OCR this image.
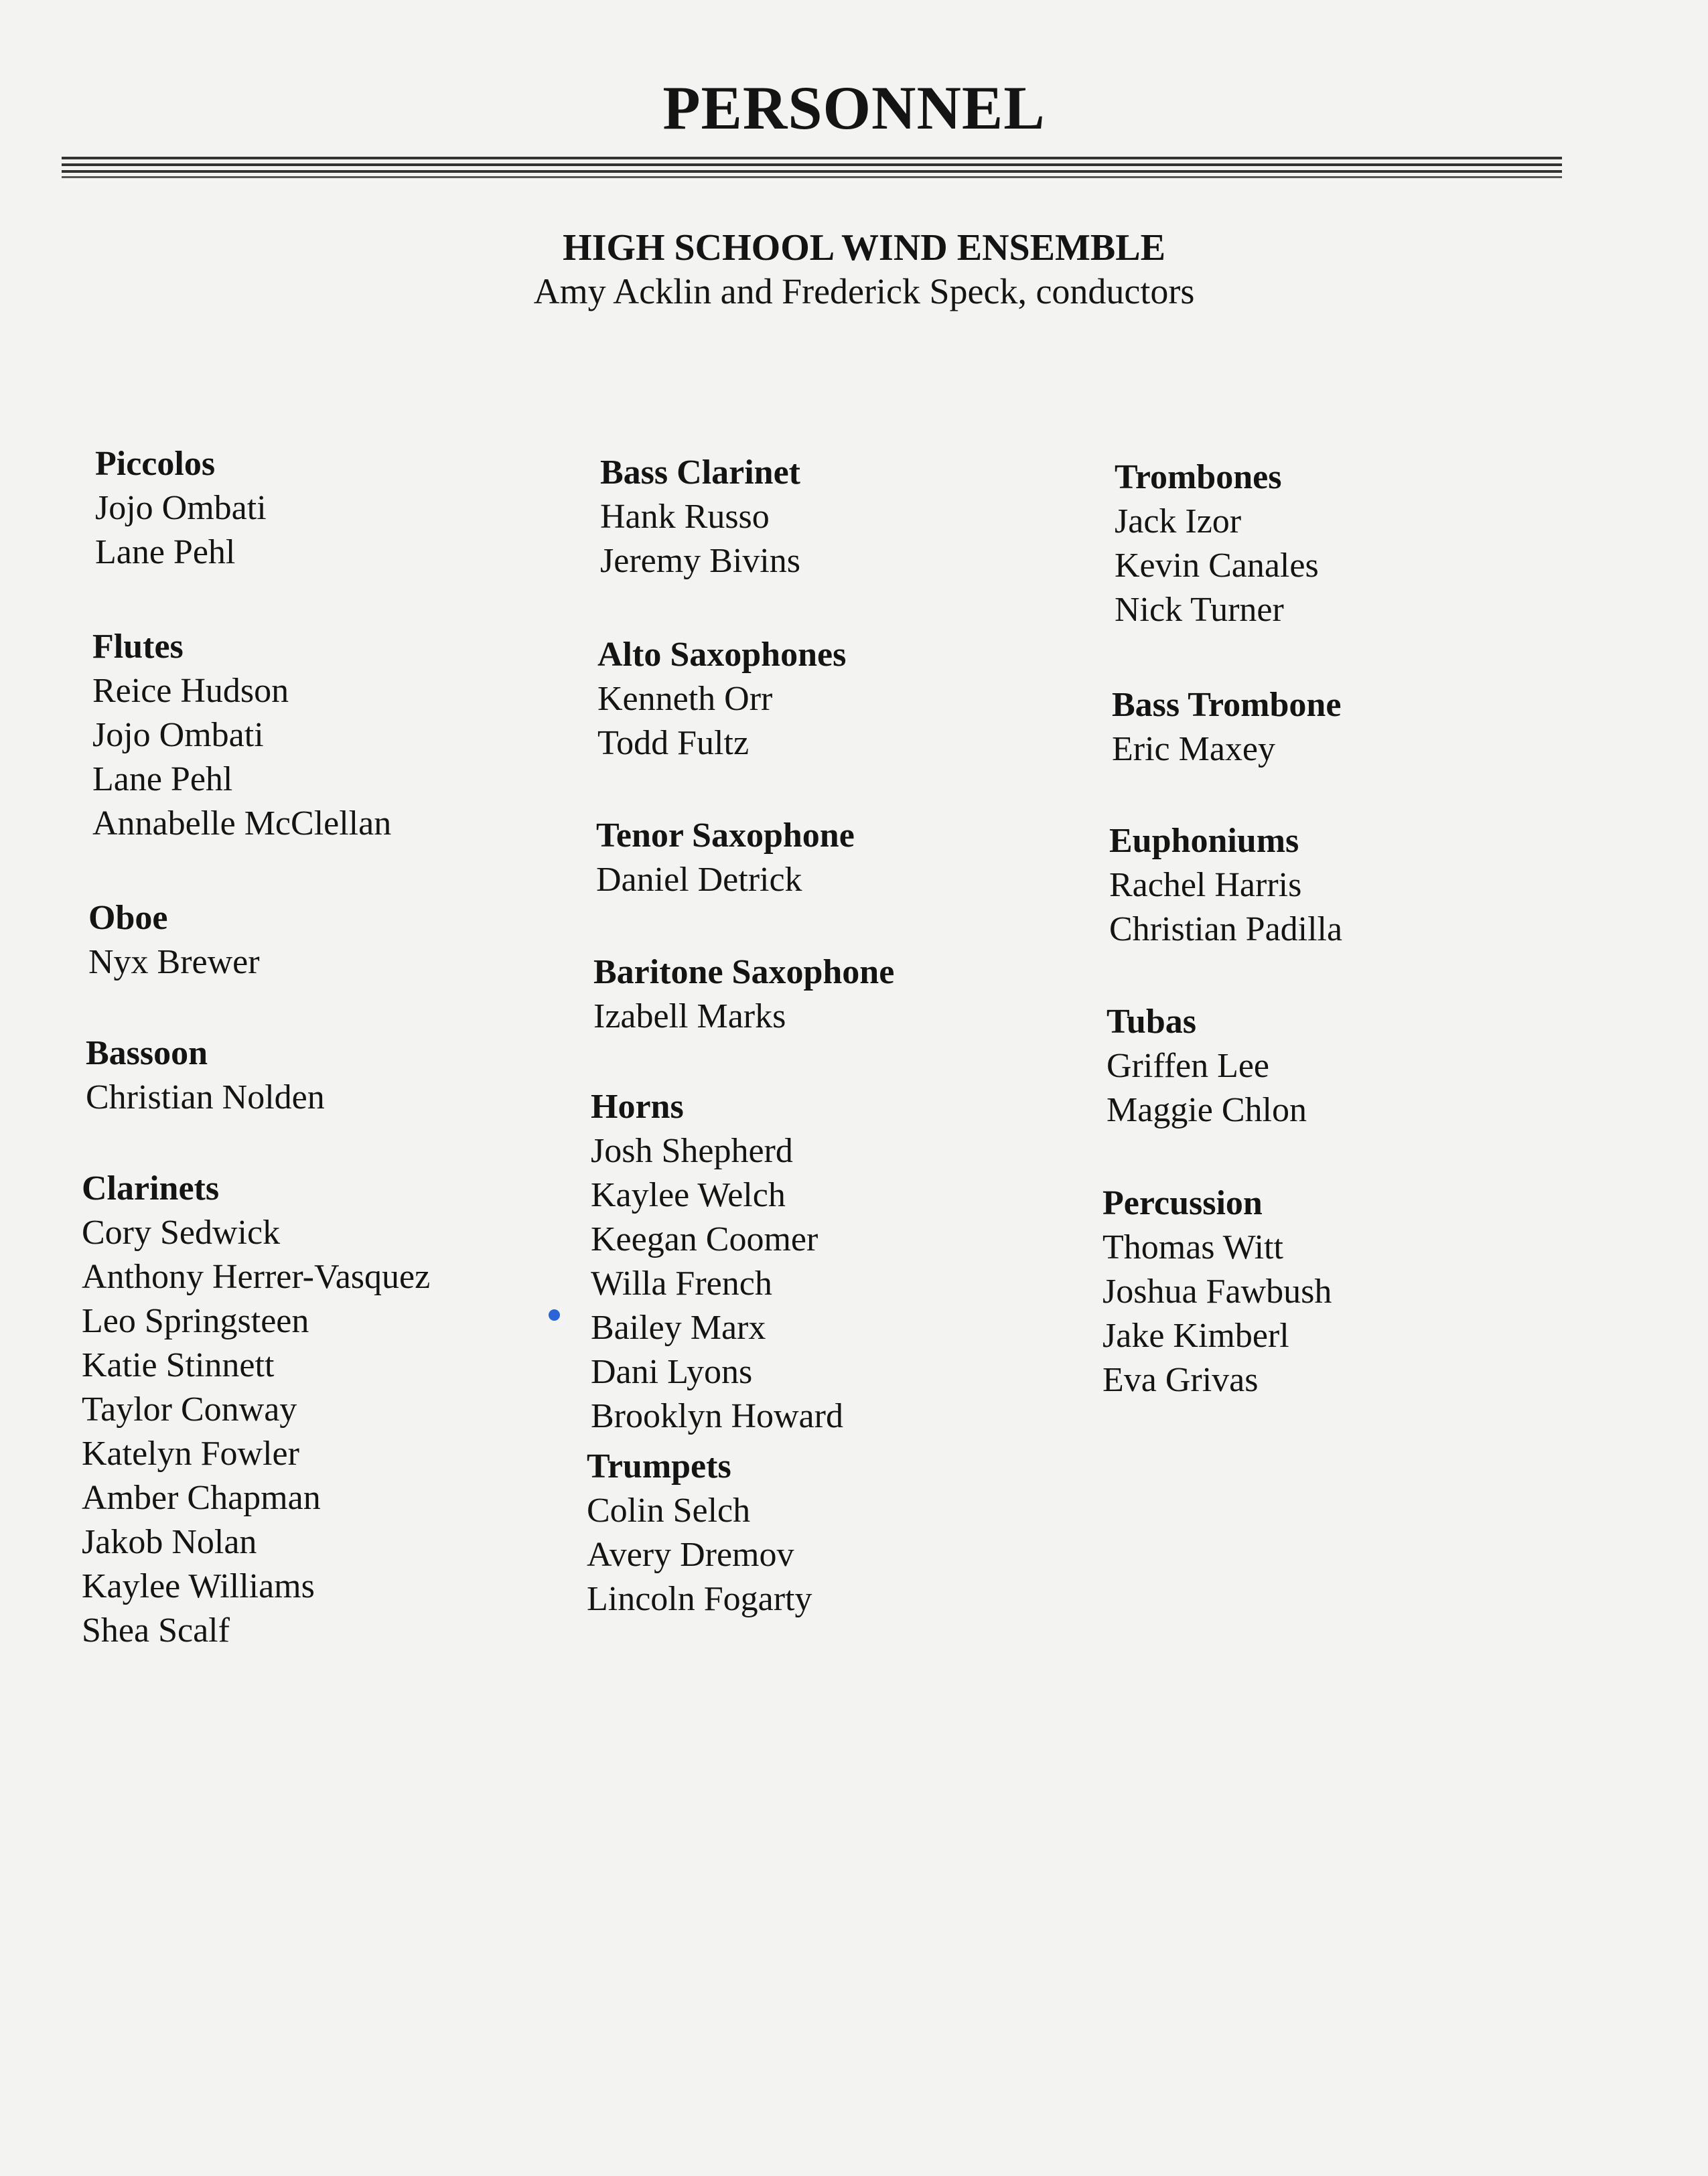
PERSONNEL
HIGH SCHOOL WIND ENSEMBLE
Amy Acklin and Frederick Speck, conductors
Piccolos
Jojo Ombati
Lane Pehl
Flutes
Reice Hudson
Jojo Ombati
Lane Pehl
Annabelle McClellan
Oboe
Nyx Brewer
Bassoon
Christian Nolden
Clarinets
Cory Sedwick
Anthony Herrer-Vasquez
Leo Springsteen
Katie Stinnett
Taylor Conway
Katelyn Fowler
Amber Chapman
Jakob Nolan
Kaylee Williams
Shea Scalf
Bass Clarinet
Hank Russo
Jeremy Bivins
Alto Saxophones
Kenneth Orr
Todd Fultz
Tenor Saxophone
Daniel Detrick
Baritone Saxophone
Izabell Marks
Horns
Josh Shepherd
Kaylee Welch
Keegan Coomer
Willa French
Bailey Marx
Dani Lyons
Brooklyn Howard
Trumpets
Colin Selch
Avery Dremov
Lincoln Fogarty
Trombones
Jack Izor
Kevin Canales
Nick Turner
Bass Trombone
Eric Maxey
Euphoniums
Rachel Harris
Christian Padilla
Tubas
Griffen Lee
Maggie Chlon
Percussion
Thomas Witt
Joshua Fawbush
Jake Kimberl
Eva Grivas
